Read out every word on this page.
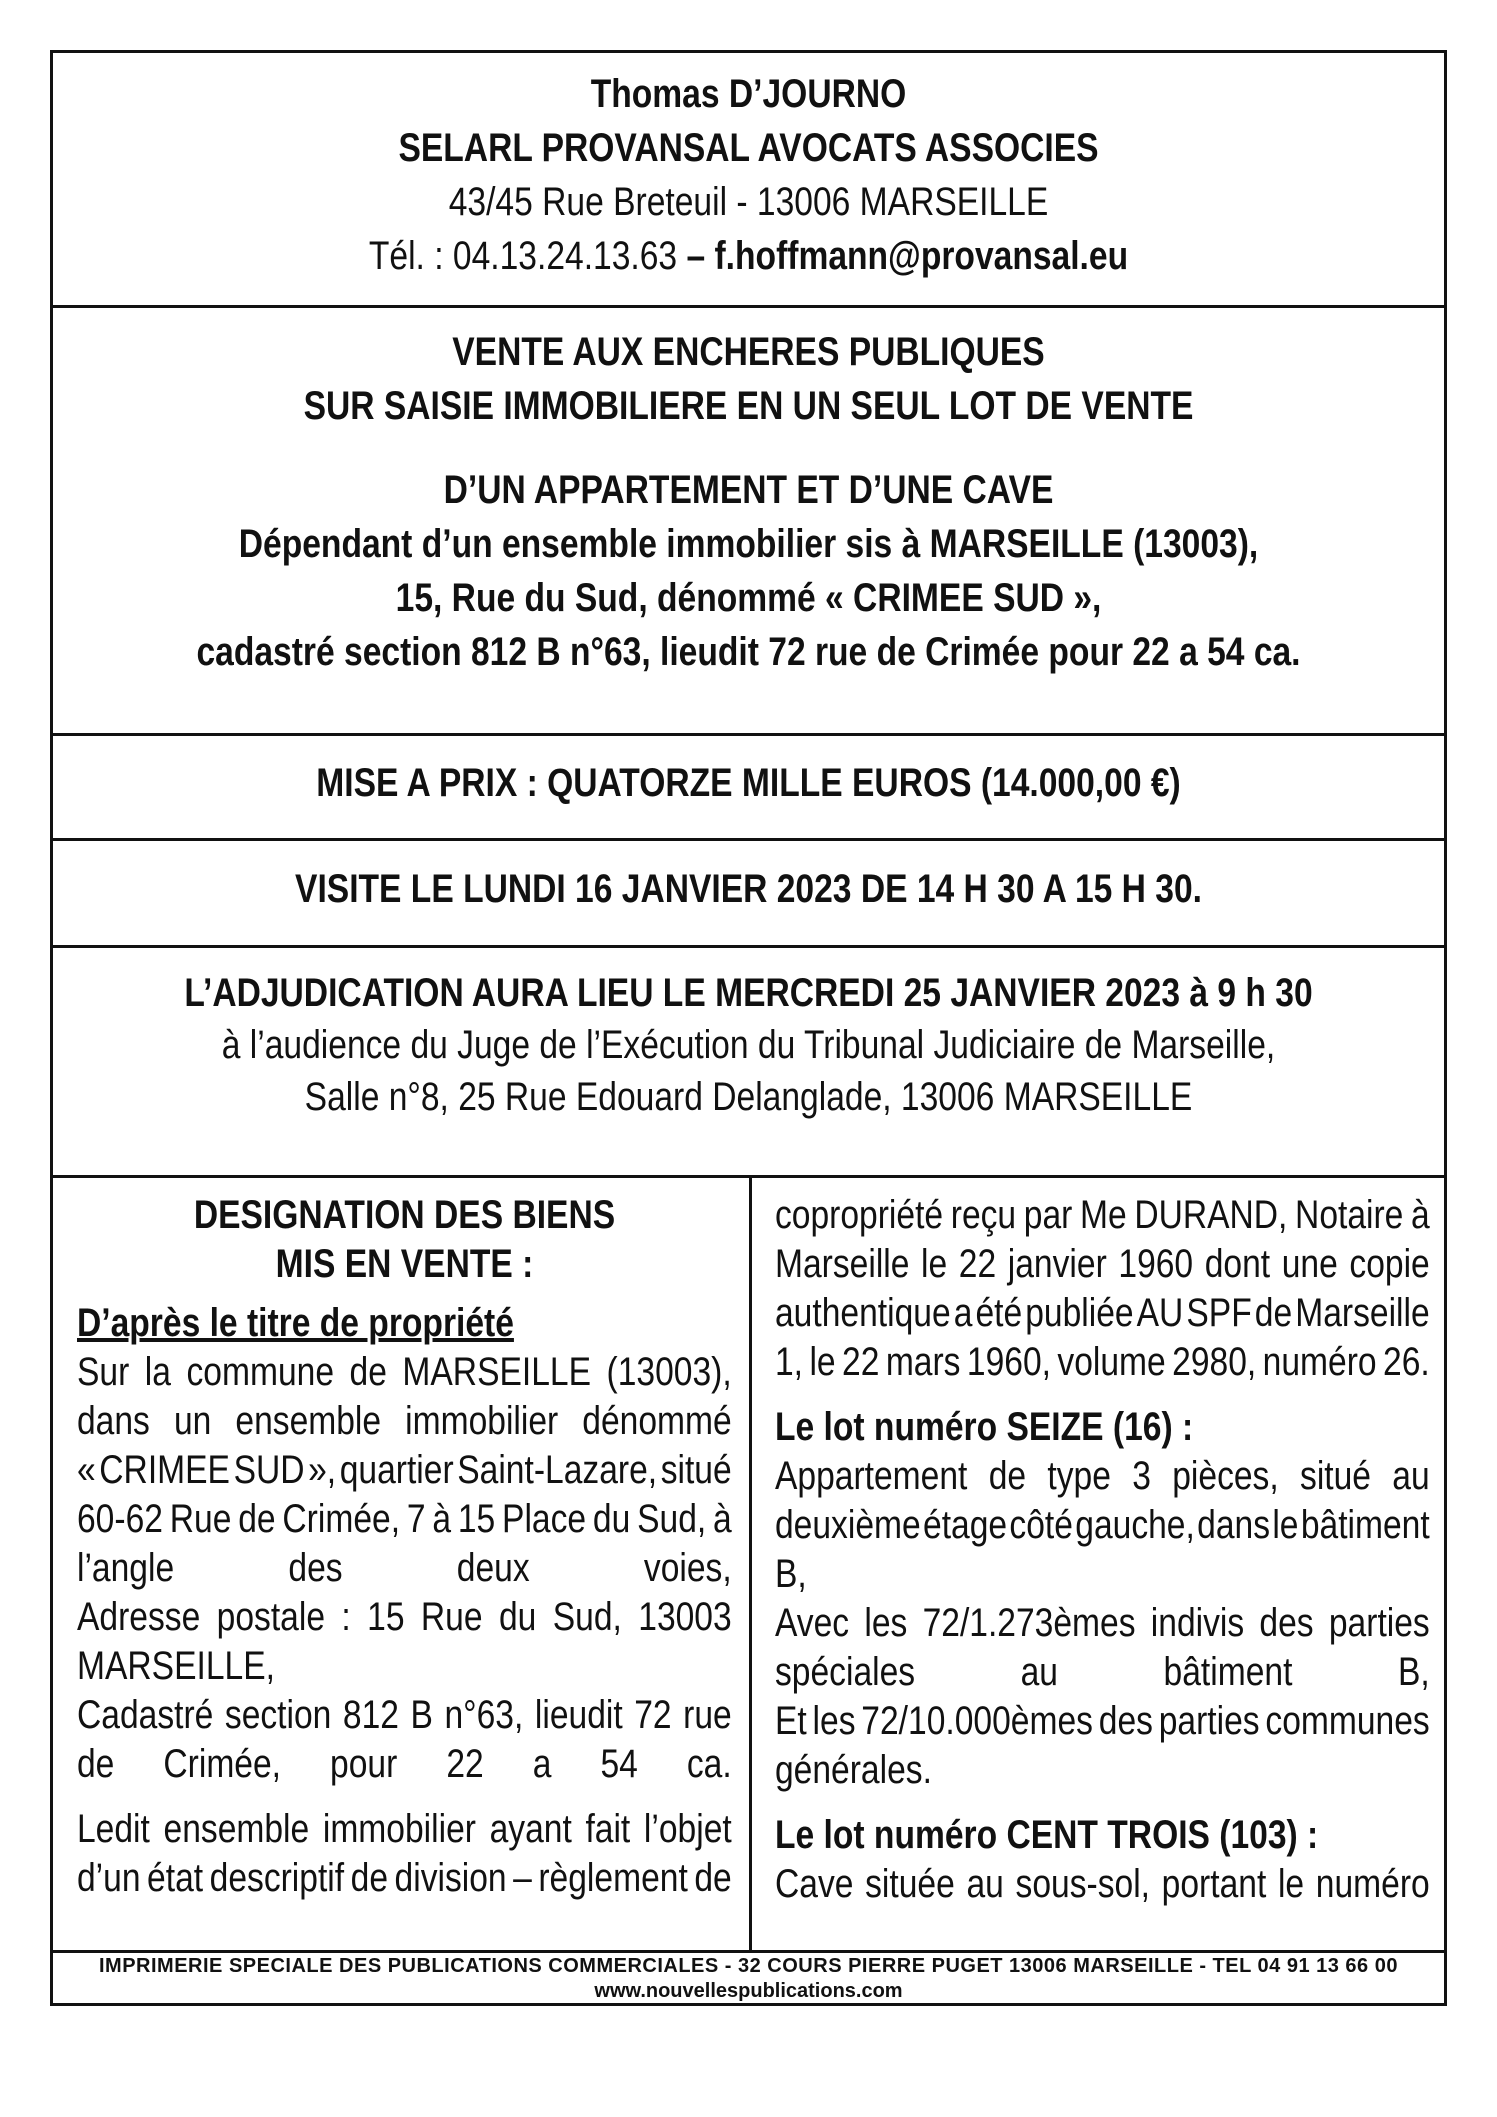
Thomas D’JOURNO
SELARL PROVANSAL AVOCATS ASSOCIES
43/45 Rue Breteuil - 13006 MARSEILLE
Tél. : 04.13.24.13.63 – f.hoffmann@provansal.eu
VENTE AUX ENCHERES PUBLIQUES
SUR SAISIE IMMOBILIERE EN UN SEUL LOT DE VENTE
D’UN APPARTEMENT ET D’UNE CAVE
Dépendant d’un ensemble immobilier sis à MARSEILLE (13003),
15, Rue du Sud, dénommé « CRIMEE SUD »,
cadastré section 812 B n°63, lieudit 72 rue de Crimée pour 22 a 54 ca.
MISE A PRIX : QUATORZE MILLE EUROS (14.000,00 €)
VISITE LE LUNDI 16 JANVIER 2023 DE 14 H 30 A 15 H 30.
L’ADJUDICATION AURA LIEU LE MERCREDI 25 JANVIER 2023 à 9 h 30
à l’audience du Juge de l’Exécution du Tribunal Judiciaire de Marseille,
Salle n°8, 25 Rue Edouard Delanglade, 13006 MARSEILLE
DESIGNATION DES BIENS
MIS EN VENTE :
D’après le titre de propriété
Sur la commune de MARSEILLE (13003),
dans un ensemble immobilier dénommé
« CRIMEE SUD », quartier Saint-Lazare, situé
60-62 Rue de Crimée, 7 à 15 Place du Sud, à
l’angle	des	deux	voies,
Adresse postale : 15 Rue du Sud, 13003
MARSEILLE,
Cadastré section 812 B n°63, lieudit 72 rue
de Crimée, pour 22 a 54 ca.
Ledit ensemble immobilier ayant fait l’objet
d’un état descriptif de division – règlement de
copropriété reçu par Me DURAND, Notaire à
Marseille le 22 janvier 1960 dont une copie
authentique a été publiée AU SPF de Marseille
1, le 22 mars 1960, volume 2980, numéro 26.
Le lot numéro SEIZE (16) :
Appartement de type 3 pièces, situé au
deuxième étage côté gauche, dans le bâtiment
B,
Avec les 72/1.273èmes indivis des parties
spéciales	au	bâtiment	B,
Et les 72/10.000èmes des parties communes
générales.
Le lot numéro CENT TROIS (103) :
Cave située au sous-sol, portant le numéro
IMPRIMERIE SPECIALE DES PUBLICATIONS COMMERCIALES - 32 COURS PIERRE PUGET 13006 MARSEILLE - TEL 04 91 13 66 00
www.nouvellespublications.com
